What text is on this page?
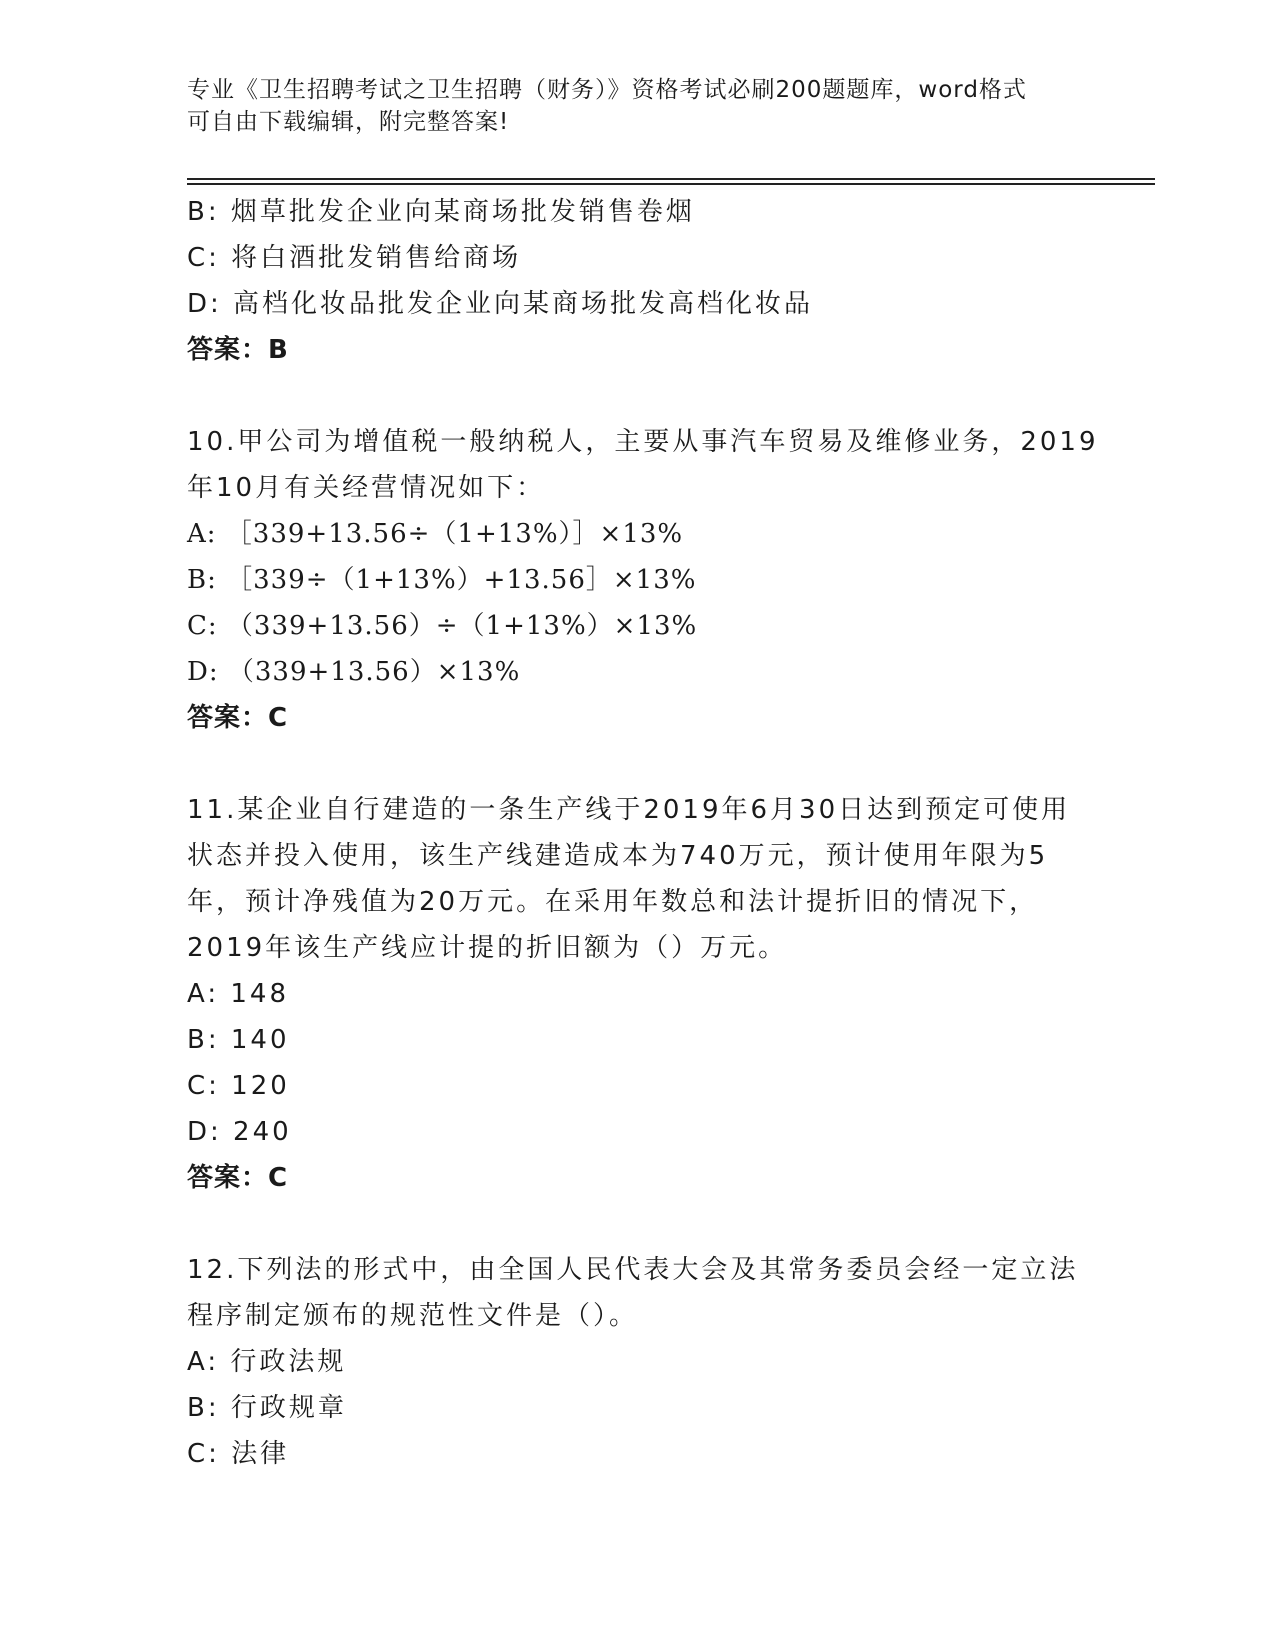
专业《卫生招聘考试之卫生招聘（财务）》资格考试必刷200题题库，word格式
可自由下载编辑，附完整答案!
B: 烟草批发企业向某商场批发销售卷烟
C: 将白酒批发销售给商场
D: 高档化妆品批发企业向某商场批发高档化妆品
答案：B
10.甲公司为增值税一般纳税人，主要从事汽车贸易及维修业务，2019
年10月有关经营情况如下：
A: ［339+13.56÷（1+13%）］×13%
B: ［339÷（1+13%）+13.56］×13%
C: （339+13.56）÷（1+13%）×13%
D: （339+13.56）×13%
答案：C
11.某企业自行建造的一条生产线于2019年6月30日达到预定可使用
状态并投入使用，该生产线建造成本为740万元，预计使用年限为5
年，预计净残值为20万元。在采用年数总和法计提折旧的情况下，
2019年该生产线应计提的折旧额为（）万元。
A: 148
B: 140
C: 120
D: 240
答案：C
12.下列法的形式中，由全国人民代表大会及其常务委员会经一定立法
程序制定颁布的规范性文件是（）。
A: 行政法规
B: 行政规章
C: 法律
